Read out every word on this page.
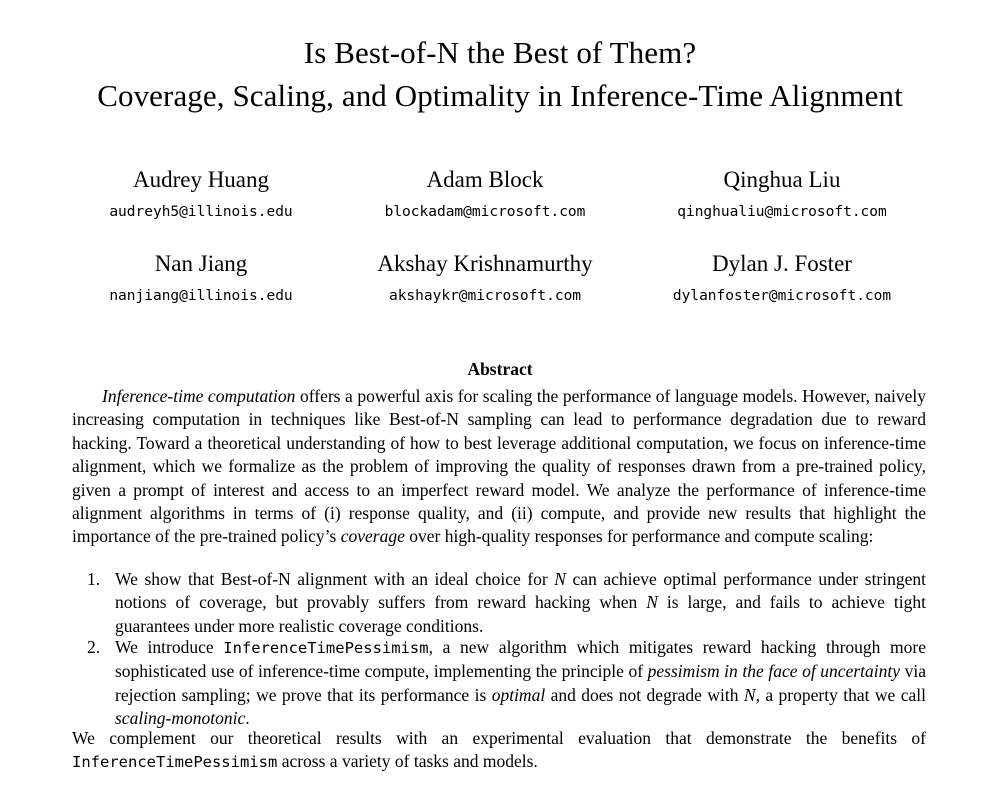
Is Best-of-N the Best of Them?
Coverage, Scaling, and Optimality in Inference-Time Alignment
Audrey Huang
audreyh5@illinois.edu
Adam Block
blockadam@microsoft.com
Qinghua Liu
qinghualiu@microsoft.com
Nan Jiang
nanjiang@illinois.edu
Akshay Krishnamurthy
akshaykr@microsoft.com
Dylan J. Foster
dylanfoster@microsoft.com
Abstract
Inference-time computation offers a powerful axis for scaling the performance of language models. However, naively increasing computation in techniques like Best-of-N sampling can lead to performance degradation due to reward hacking. Toward a theoretical understanding of how to best leverage additional computation, we focus on inference-time alignment, which we formalize as the problem of improving the quality of responses drawn from a pre-trained policy, given a prompt of interest and access to an imperfect reward model. We analyze the performance of inference-time alignment algorithms in terms of (i) response quality, and (ii) compute, and provide new results that highlight the importance of the pre-trained policy’s coverage over high-quality responses for performance and compute scaling:
1. We show that Best-of-N alignment with an ideal choice for N can achieve optimal performance under stringent notions of coverage, but provably suffers from reward hacking when N is large, and fails to achieve tight guarantees under more realistic coverage conditions.
2. We introduce InferenceTimePessimism, a new algorithm which mitigates reward hacking through more sophisticated use of inference-time compute, implementing the principle of pessimism in the face of uncertainty via rejection sampling; we prove that its performance is optimal and does not degrade with N, a property that we call scaling-monotonic.
We complement our theoretical results with an experimental evaluation that demonstrate the benefits of InferenceTimePessimism across a variety of tasks and models.
